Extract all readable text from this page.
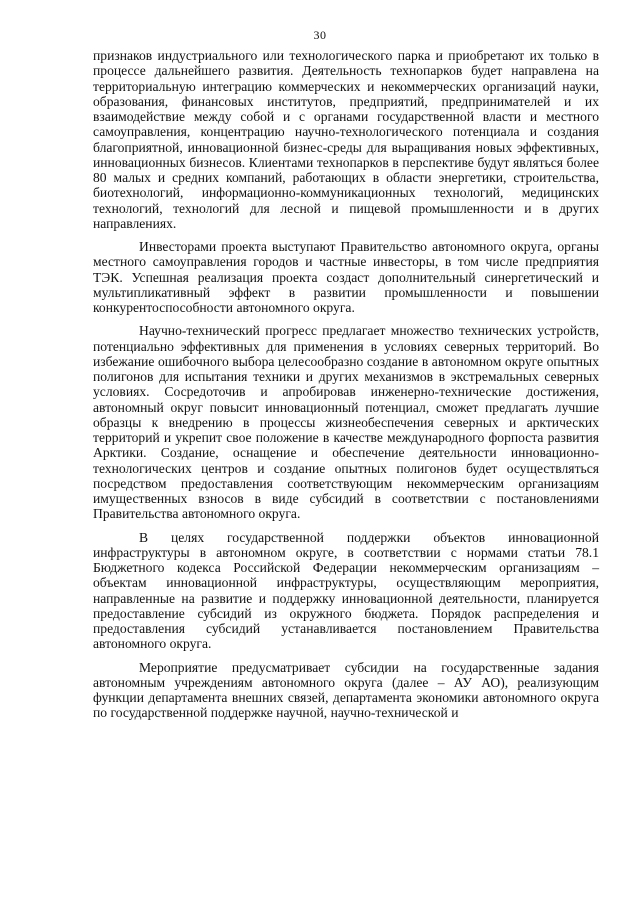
30

признаков индустриального или технологического парка и приобретают их только в процессе дальнейшего развития. Деятельность технопарков будет направлена на территориальную интеграцию коммерческих и некоммерческих организаций науки, образования, финансовых институтов, предприятий, предпринимателей и их взаимодействие между собой и с органами государственной власти и местного самоуправления, концентрацию научно-технологического потенциала и создания благоприятной, инновационной бизнес-среды для выращивания новых эффективных, инновационных бизнесов. Клиентами технопарков в перспективе будут являться более 80 малых и средних компаний, работающих в области энергетики, строительства, биотехнологий, информационно-коммуникационных технологий, медицинских технологий, технологий для лесной и пищевой промышленности и в других направлениях.

Инвесторами проекта выступают Правительство автономного округа, органы местного самоуправления городов и частные инвесторы, в том числе предприятия ТЭК. Успешная реализация проекта создаст дополнительный синергетический и мультипликативный эффект в развитии промышленности и повышении конкурентоспособности автономного округа.

Научно-технический прогресс предлагает множество технических устройств, потенциально эффективных для применения в условиях северных территорий. Во избежание ошибочного выбора целесообразно создание в автономном округе опытных полигонов для испытания техники и других механизмов в экстремальных северных условиях. Сосредоточив и апробировав инженерно-технические достижения, автономный округ повысит инновационный потенциал, сможет предлагать лучшие образцы к внедрению в процессы жизнеобеспечения северных и арктических территорий и укрепит свое положение в качестве международного форпоста развития Арктики. Создание, оснащение и обеспечение деятельности инновационно-технологических центров и создание опытных полигонов будет осуществляться посредством предоставления соответствующим некоммерческим организациям имущественных взносов в виде субсидий в соответствии с постановлениями Правительства автономного округа.

В целях государственной поддержки объектов инновационной инфраструктуры в автономном округе, в соответствии с нормами статьи 78.1 Бюджетного кодекса Российской Федерации некоммерческим организациям – объектам инновационной инфраструктуры, осуществляющим мероприятия, направленные на развитие и поддержку инновационной деятельности, планируется предоставление субсидий из окружного бюджета. Порядок распределения и предоставления субсидий устанавливается постановлением Правительства автономного округа.

Мероприятие предусматривает субсидии на государственные задания автономным учреждениям автономного округа (далее – АУ АО), реализующим функции департамента внешних связей, департамента экономики автономного округа по государственной поддержке научной, научно-технической и
